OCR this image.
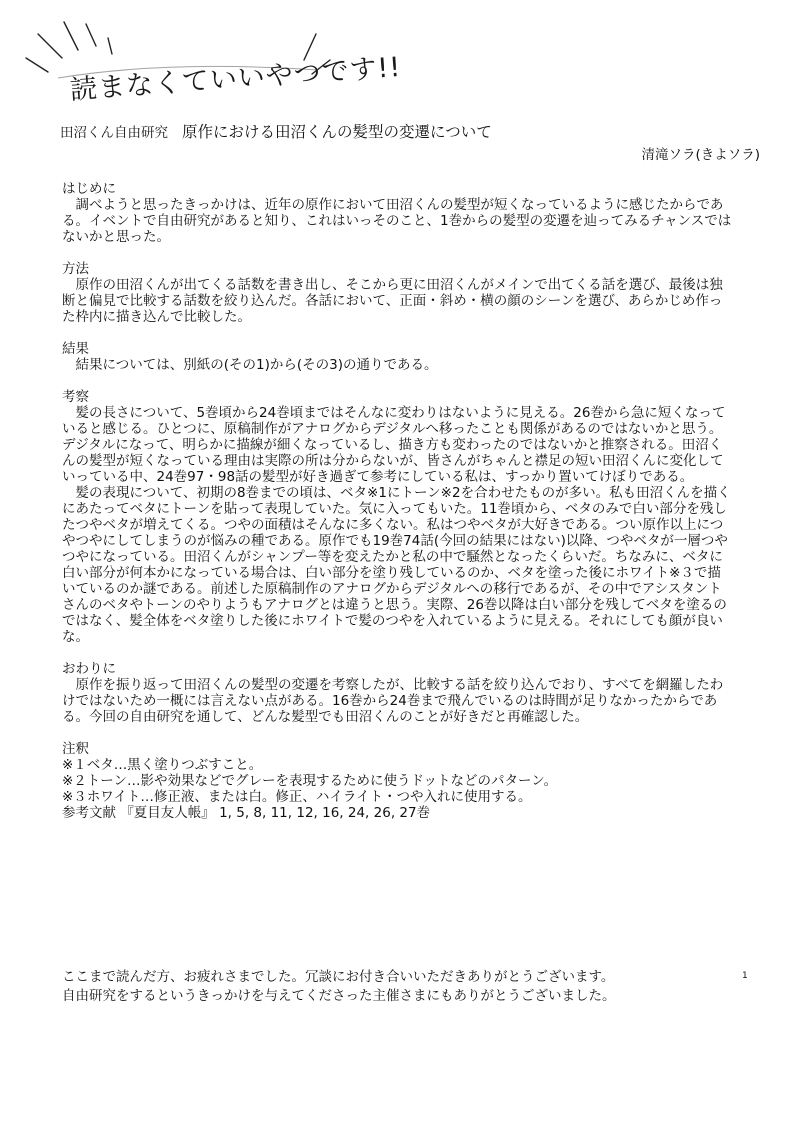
読まなくていいやつです!!
田沼くん自由研究 原作における田沼くんの髪型の変遷について
清滝ソラ(きよソラ)

はじめに

　調べようと思ったきっかけは、近年の原作において田沼くんの髪型が短くなっているように感じたからである。イベントで自由研究があると知り、これはいっそのこと、1巻からの髪型の変遷を辿ってみるチャンスではないかと思った。

方法

　原作の田沼くんが出てくる話数を書き出し、そこから更に田沼くんがメインで出てくる話を選び、最後は独断と偏見で比較する話数を絞り込んだ。各話において、正面・斜め・横の顔のシーンを選び、あらかじめ作った枠内に描き込んで比較した。

結果

　結果については、別紙の(その1)から(その3)の通りである。

考察

　髪の長さについて、5巻頃から24巻頃まではそんなに変わりはないように見える。26巻から急に短くなっていると感じる。ひとつに、原稿制作がアナログからデジタルへ移ったことも関係があるのではないかと思う。デジタルになって、明らかに描線が細くなっているし、描き方も変わったのではないかと推察される。田沼くんの髪型が短くなっている理由は実際の所は分からないが、皆さんがちゃんと襟足の短い田沼くんに変化していっている中、24巻97・98話の髪型が好き過ぎて参考にしている私は、すっかり置いてけぼりである。

　髪の表現について、初期の8巻までの頃は、ベタ※1にトーン※2を合わせたものが多い。私も田沼くんを描くにあたってベタにトーンを貼って表現していた。気に入ってもいた。11巻頃から、ベタのみで白い部分を残したつやベタが増えてくる。つやの面積はそんなに多くない。私はつやベタが大好きである。つい原作以上につやつやにしてしまうのが悩みの種である。原作でも19巻74話(今回の結果にはない)以降、つやベタが一層つやつやになっている。田沼くんがシャンプー等を変えたかと私の中で騒然となったくらいだ。ちなみに、ベタに白い部分が何本かになっている場合は、白い部分を塗り残しているのか、ベタを塗った後にホワイト※３で描いているのか謎である。前述した原稿制作のアナログからデジタルへの移行であるが、その中でアシスタントさんのベタやトーンのやりようもアナログとは違うと思う。実際、26巻以降は白い部分を残してベタを塗るのではなく、髪全体をベタ塗りした後にホワイトで髪のつやを入れているように見える。それにしても顔が良いな。

おわりに

　原作を振り返って田沼くんの髪型の変遷を考察したが、比較する話を絞り込んでおり、すべてを網羅したわけではないため一概には言えない点がある。16巻から24巻まで飛んでいるのは時間が足りなかったからである。今回の自由研究を通して、どんな髪型でも田沼くんのことが好きだと再確認した。

注釈

※１ベタ…黒く塗りつぶすこと。

※２トーン…影や効果などでグレーを表現するために使うドットなどのパターン。

※３ホワイト…修正液、または白。修正、ハイライト・つや入れに使用する。

参考文献 『夏目友人帳』 1, 5, 8, 11, 12, 16, 24, 26, 27巻

ここまで読んだ方、お疲れさまでした。冗談にお付き合いいただきありがとうございます。

自由研究をするというきっかけを与えてくださった主催さまにもありがとうございました。

1
